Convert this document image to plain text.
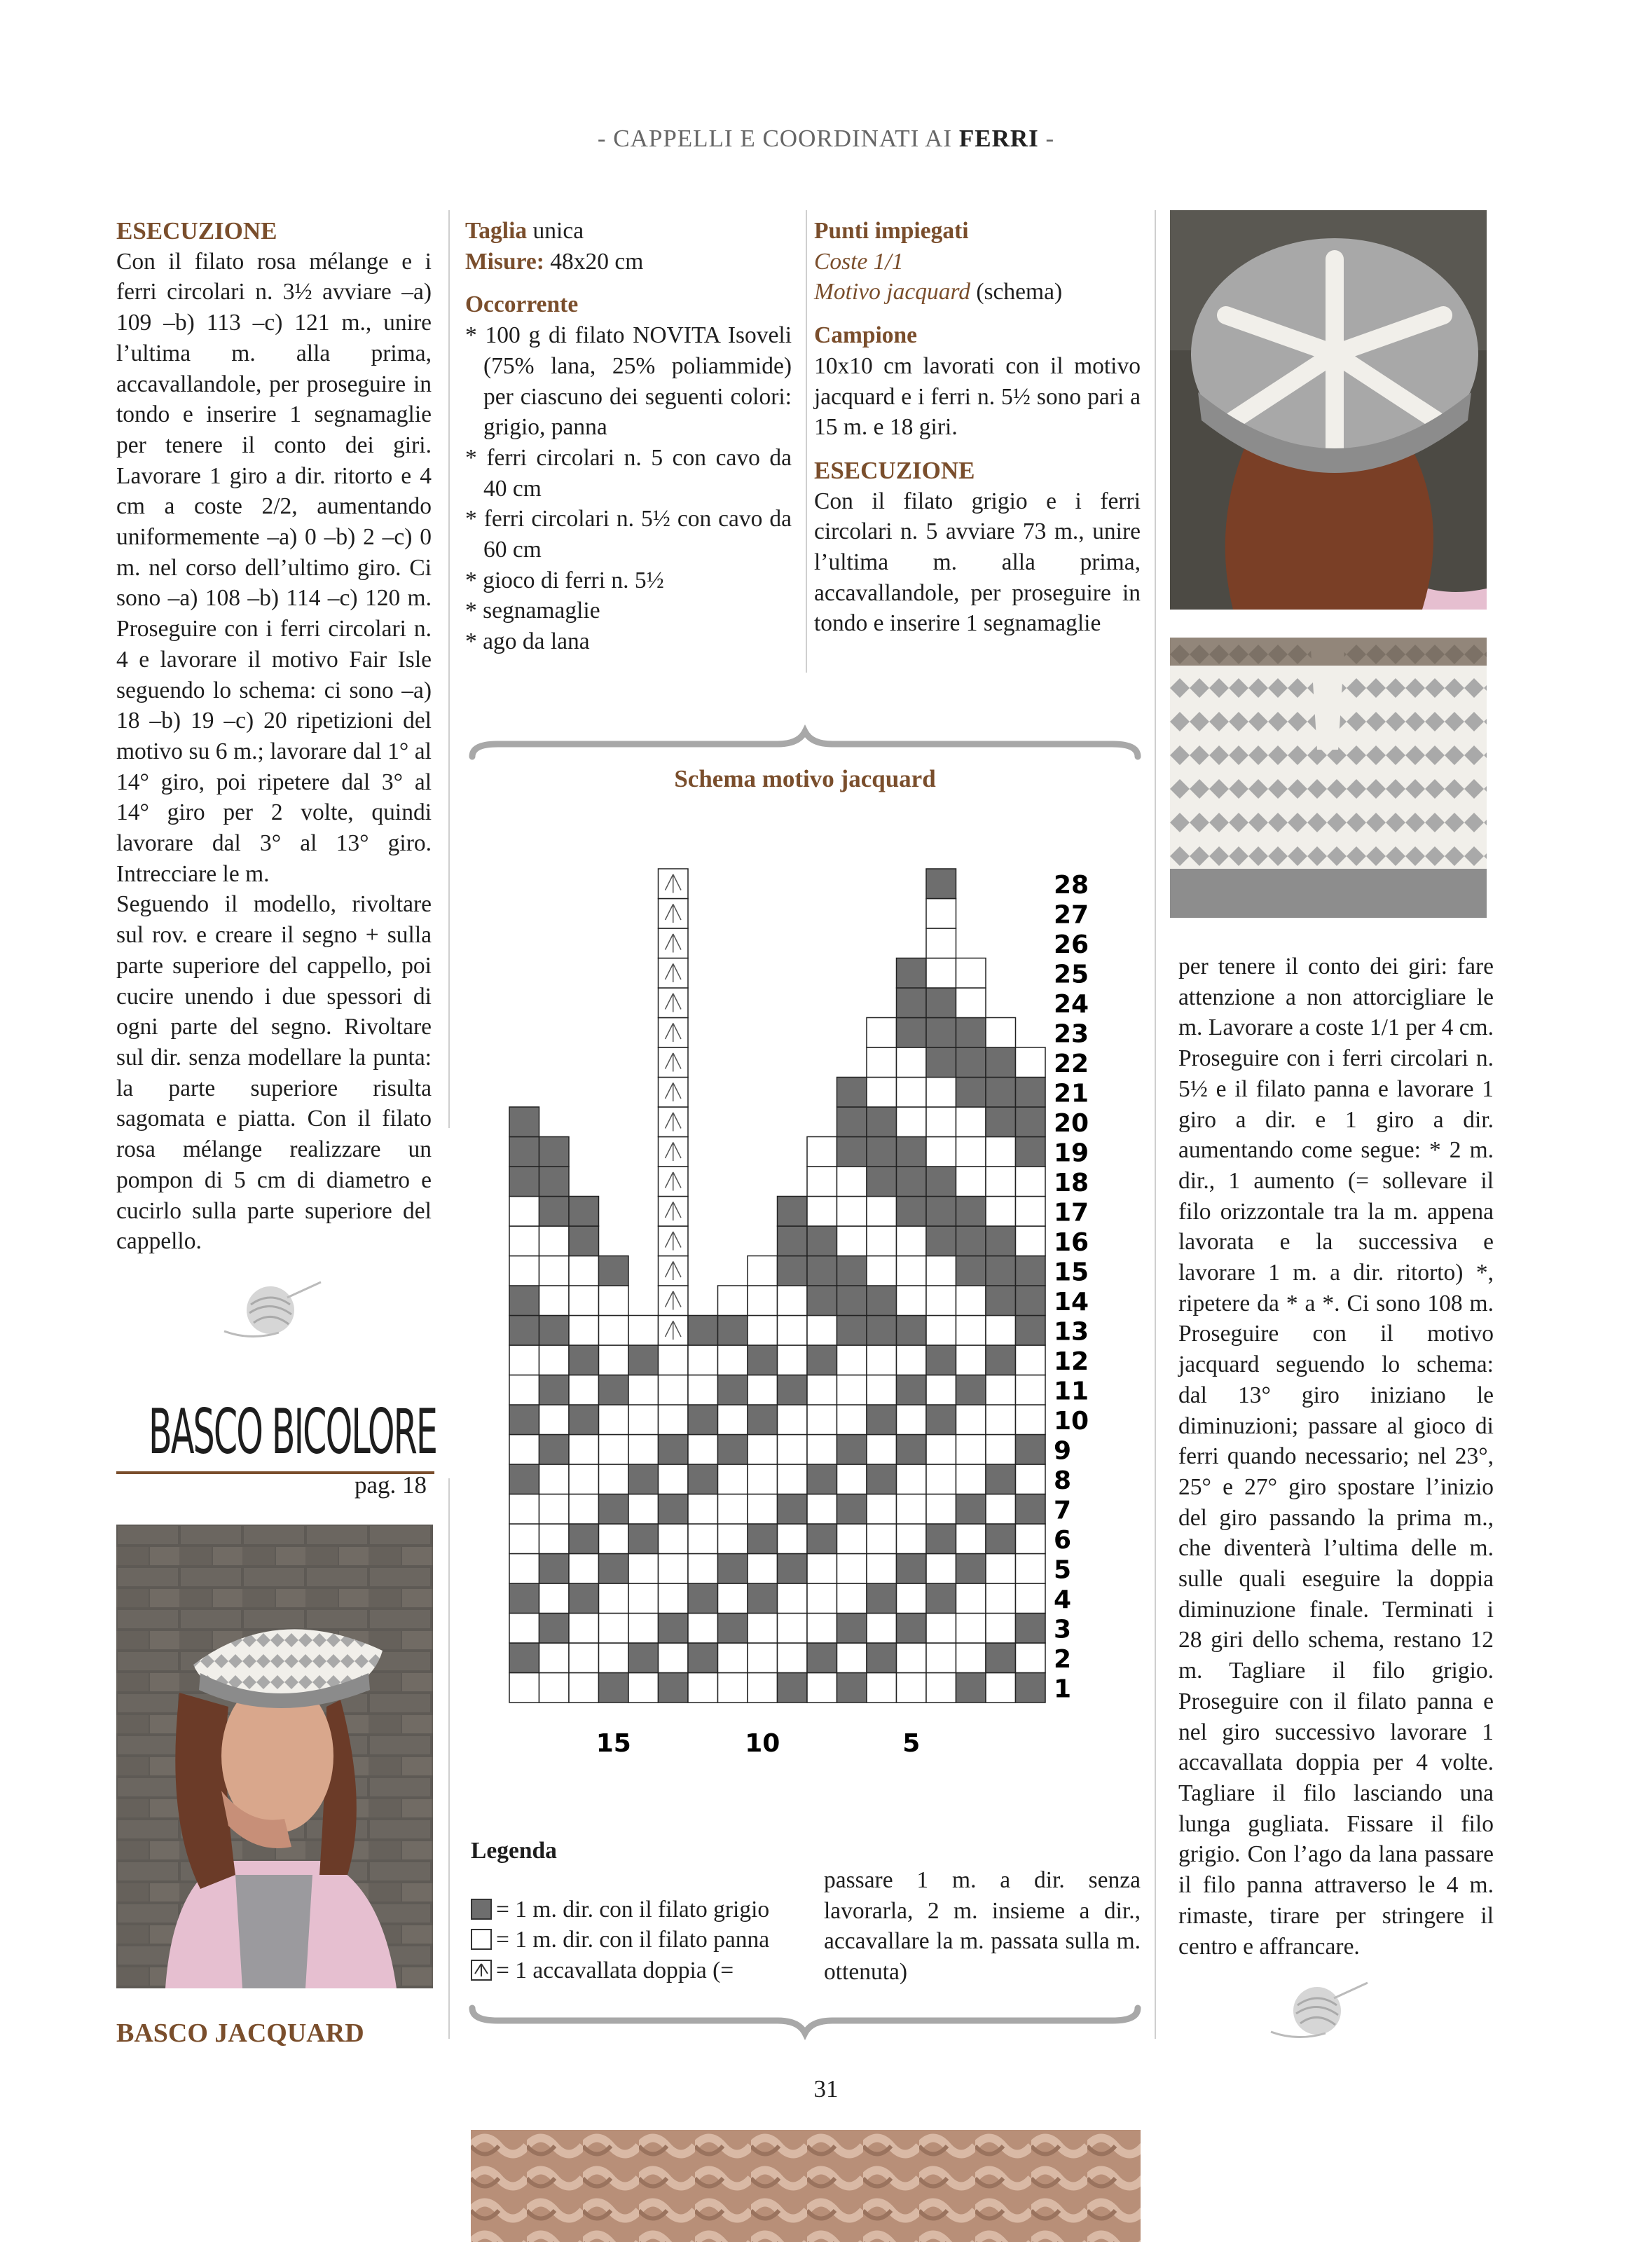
- CAPPELLI E COORDINATI AI FERRI -
ESECUZIONE
Con il filato rosa mélange e i ferri circolari n. 3½ avviare –a) 109 –b) 113 –c) 121 m., unire l’ultima m. alla prima, accavallandole, per proseguire in tondo e inserire 1 segnamaglie per tenere il conto dei giri. Lavorare 1 giro a dir. ritorto e 4 cm a coste 2/2, aumentando uniformemente –a) 0 –b) 2 –c) 0 m. nel corso dell’ultimo giro. Ci sono –a) 108 –b) 114 –c) 120 m. Proseguire con i ferri circolari n. 4 e lavorare il motivo Fair Isle seguendo lo schema: ci sono –a) 18 –b) 19 –c) 20 ripetizioni del motivo su 6 m.; lavorare dal 1° al 14° giro, poi ripetere dal 3° al 14° giro per 2 volte, quindi lavorare dal 3° al 13° giro. Intrecciare le m.
Seguendo il modello, rivoltare sul rov. e creare il segno + sulla parte superiore del cappello, poi cucire unendo i due spessori di ogni parte del segno. Rivoltare sul dir. senza modellare la punta: la parte superiore risulta sagomata e piatta. Con il filato rosa mélange realizzare un pompon di 5 cm di diametro e cucirlo sulla parte superiore del cappello.
BASCO BICOLORE
pag. 18
BASCO JACQUARD
Taglia unica
Misure: 48x20 cm
Occorrente
* 100 g di filato NOVITA Isoveli (75% lana, 25% poliammide) per ciascuno dei seguenti colori: grigio, panna
* ferri circolari n. 5 con cavo da 40 cm
* ferri circolari n. 5½ con cavo da 60 cm
* gioco di ferri n. 5½
* segnamaglie
* ago da lana
Punti impiegati
Coste 1/1
Motivo jacquard (schema)
Campione
10x10 cm lavorati con il motivo jacquard e i ferri n. 5½ sono pari a 15 m. e 18 giri.
ESECUZIONE
Con il filato grigio e i ferri circolari n. 5 avviare 73 m., unire l’ultima m. alla prima, accavallandole, per proseguire in tondo e inserire 1 segnamaglie
per tenere il conto dei giri: fare attenzione a non attorcigliare le m. Lavorare a coste 1/1 per 4 cm. Proseguire con i ferri circolari n. 5½ e il filato panna e lavorare 1 giro a dir. e 1 giro a dir. aumentando come segue: * 2 m. dir., 1 aumento (= sollevare il filo orizzontale tra la m. appena lavorata e la successiva e lavorare 1 m. a dir. ritorto) *, ripetere da * a *. Ci sono 108 m. Proseguire con il motivo jacquard seguendo lo schema: dal 13° giro iniziano le diminuzioni; passare al gioco di ferri quando necessario; nel 23°, 25° e 27° giro spostare l’inizio del giro passando la prima m., che diventerà l’ultima delle m. sulle quali eseguire la doppia diminuzione finale. Terminati i 28 giri dello schema, restano 12 m. Tagliare il filo grigio. Proseguire con il filato panna e nel giro successivo lavorare 1 accavallata doppia per 4 volte. Tagliare il filo lasciando una lunga gugliata. Fissare il filo grigio. Con l’ago da lana passare il filo panna attraverso le 4 m. rimaste, tirare per stringere il centro e affrancare.
Schema motivo jacquard
28
27
26
25
24
23
22
21
20
19
18
17
16
15
14
13
12
11
10
9
8
7
6
5
4
3
2
1
15	10	5
Legenda
= 1 m. dir. con il filato grigio
= 1 m. dir. con il filato panna
= 1 accavallata doppia (=
passare 1 m. a dir. senza lavorarla, 2 m. insieme a dir., accavallare la m. passata sulla m. ottenuta)
31
